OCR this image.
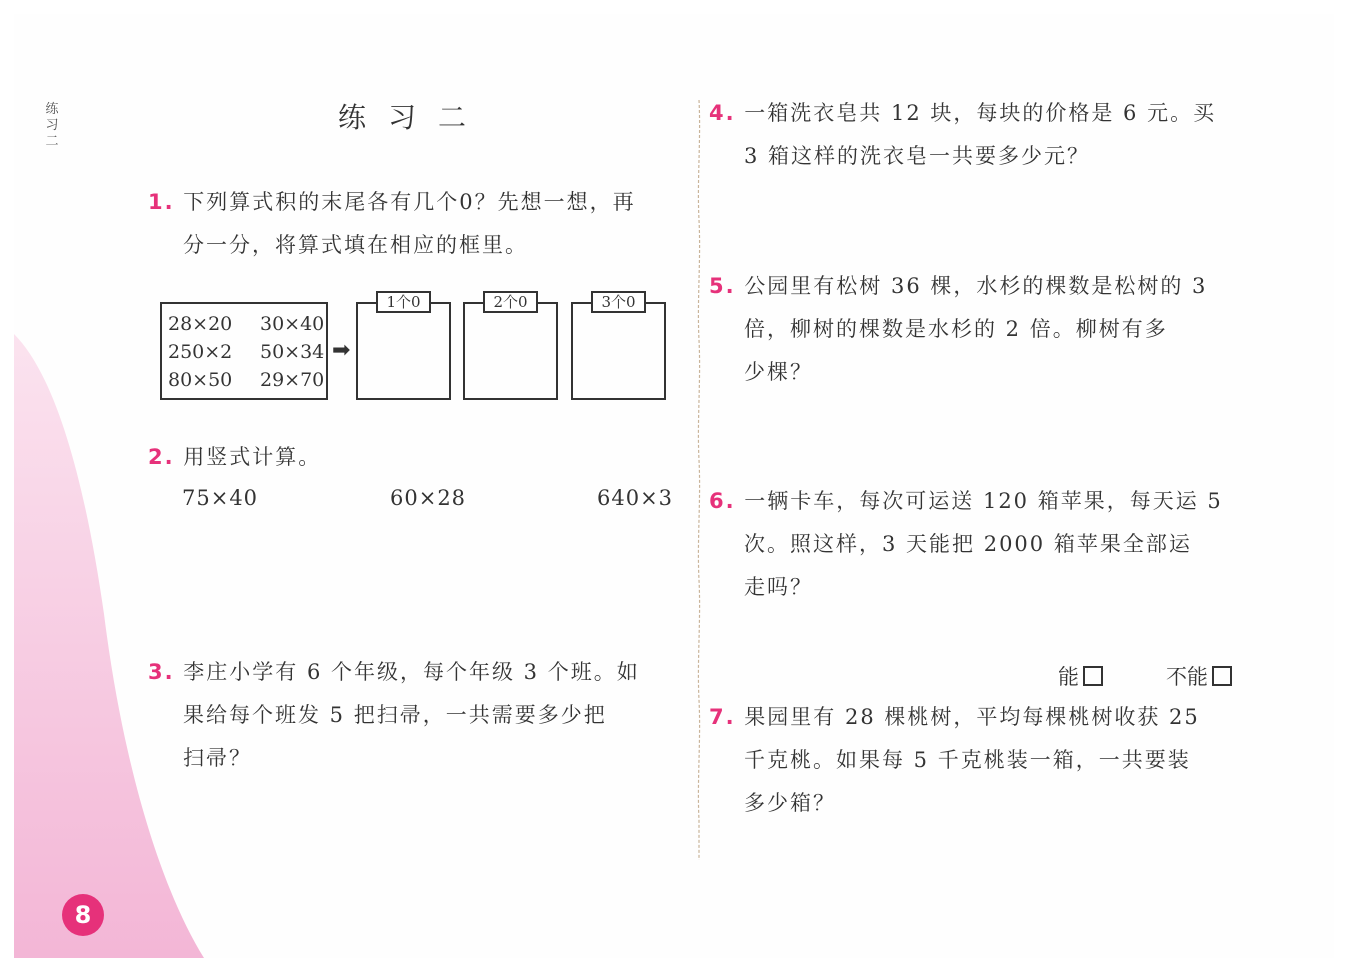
练习二
练习二
1. 下列算式积的末尾各有几个0？先想一想，再
分一分，将算式填在相应的框里。
28×20 30×40
250×2 50×34
80×50 29×70
➡
1个0	2个0	3个0
2. 用竖式计算。
75×40	60×28	640×3
3. 李庄小学有 6 个年级，每个年级 3 个班。如
果给每个班发 5 把扫帚，一共需要多少把
扫帚？
4. 一箱洗衣皂共 12 块，每块的价格是 6 元。买
3 箱这样的洗衣皂一共要多少元？
5. 公园里有松树 36 棵，水杉的棵数是松树的 3
倍，柳树的棵数是水杉的 2 倍。柳树有多
少棵？
6. 一辆卡车，每次可运送 120 箱苹果，每天运 5
次。照这样，3 天能把 2000 箱苹果全部运
走吗？
能	不能
7. 果园里有 28 棵桃树，平均每棵桃树收获 25
千克桃。如果每 5 千克桃装一箱，一共要装
多少箱？
8
